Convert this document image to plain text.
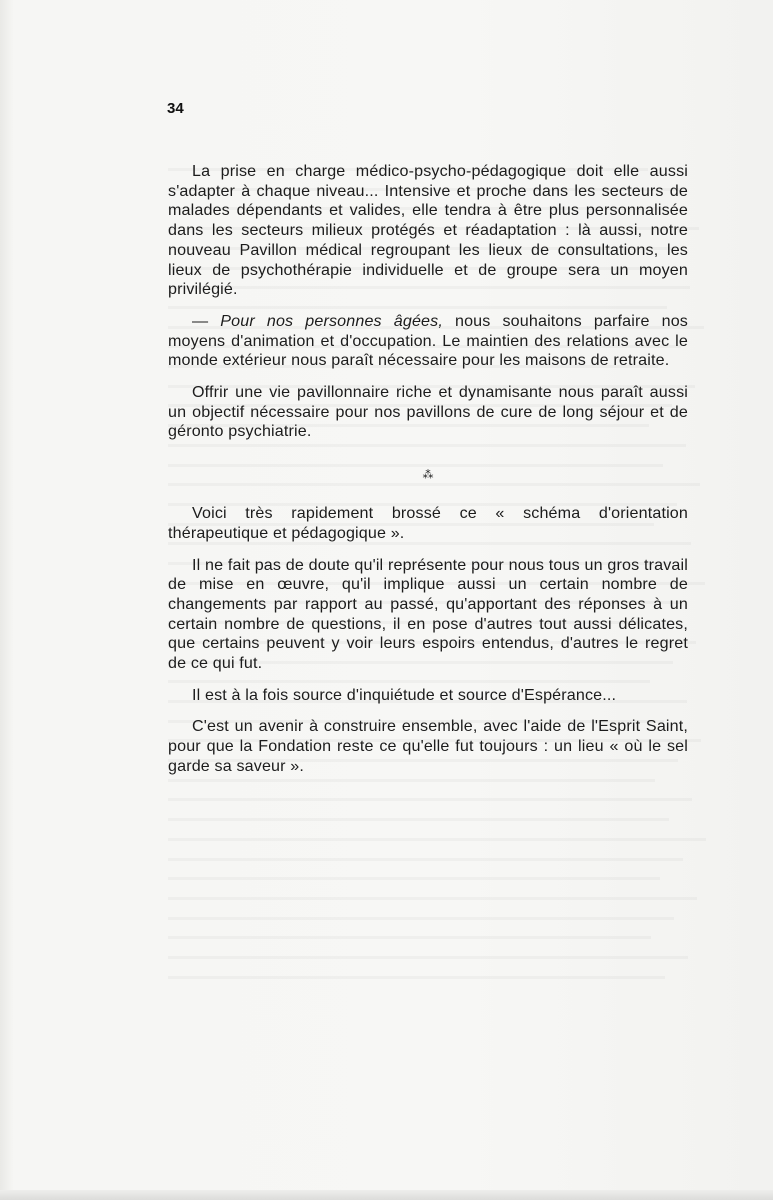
34

La prise en charge médico-psycho-pédagogique doit elle aussi s'adapter à chaque niveau... Intensive et proche dans les secteurs de malades dépendants et valides, elle tendra à être plus personnalisée dans les secteurs milieux protégés et réadaptation : là aussi, notre nouveau Pavillon médical regroupant les lieux de consultations, les lieux de psychothérapie individuelle et de groupe sera un moyen privilégié.

— Pour nos personnes âgées, nous souhaitons parfaire nos moyens d'animation et d'occupation. Le maintien des relations avec le monde extérieur nous paraît nécessaire pour les maisons de retraite.

Offrir une vie pavillonnaire riche et dynamisante nous paraît aussi un objectif nécessaire pour nos pavillons de cure de long séjour et de géronto psychiatrie.

⁂

Voici très rapidement brossé ce « schéma d'orientation thérapeutique et pédagogique ».

Il ne fait pas de doute qu'il représente pour nous tous un gros travail de mise en œuvre, qu'il implique aussi un certain nombre de changements par rapport au passé, qu'apportant des réponses à un certain nombre de questions, il en pose d'autres tout aussi délicates, que certains peuvent y voir leurs espoirs entendus, d'autres le regret de ce qui fut.

Il est à la fois source d'inquiétude et source d'Espérance...

C'est un avenir à construire ensemble, avec l'aide de l'Esprit Saint, pour que la Fondation reste ce qu'elle fut toujours : un lieu « où le sel garde sa saveur ».
